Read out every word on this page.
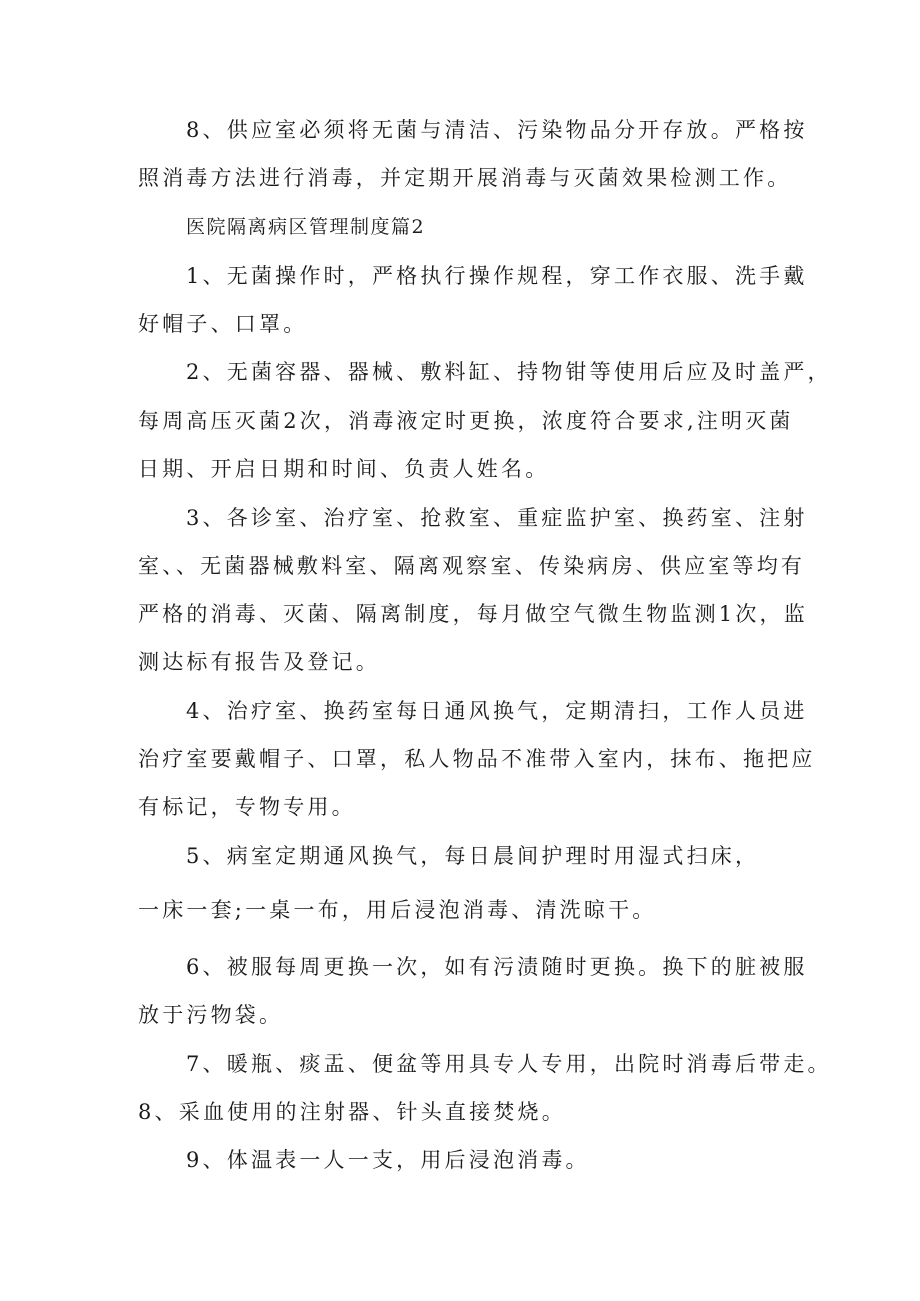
8、供应室必须将无菌与清洁、污染物品分开存放。严格按
照消毒方法进行消毒，并定期开展消毒与灭菌效果检测工作。
医院隔离病区管理制度篇2
1、无菌操作时，严格执行操作规程，穿工作衣服、洗手戴
好帽子、口罩。
2、无菌容器、器械、敷料缸、持物钳等使用后应及时盖严，
每周高压灭菌2次，消毒液定时更换，浓度符合要求,注明灭菌
日期、开启日期和时间、负责人姓名。
3、各诊室、治疗室、抢救室、重症监护室、换药室、注射
室、、无菌器械敷料室、隔离观察室、传染病房、供应室等均有
严格的消毒、灭菌、隔离制度，每月做空气微生物监测1次，监
测达标有报告及登记。
4、治疗室、换药室每日通风换气，定期清扫，工作人员进
治疗室要戴帽子、口罩，私人物品不准带入室内，抹布、拖把应
有标记，专物专用。
5、病室定期通风换气，每日晨间护理时用湿式扫床，
一床一套;一桌一布，用后浸泡消毒、清洗晾干。
6、被服每周更换一次，如有污渍随时更换。换下的脏被服
放于污物袋。
7、暖瓶、痰盂、便盆等用具专人专用，出院时消毒后带走。
8、采血使用的注射器、针头直接焚烧。
9、体温表一人一支，用后浸泡消毒。
